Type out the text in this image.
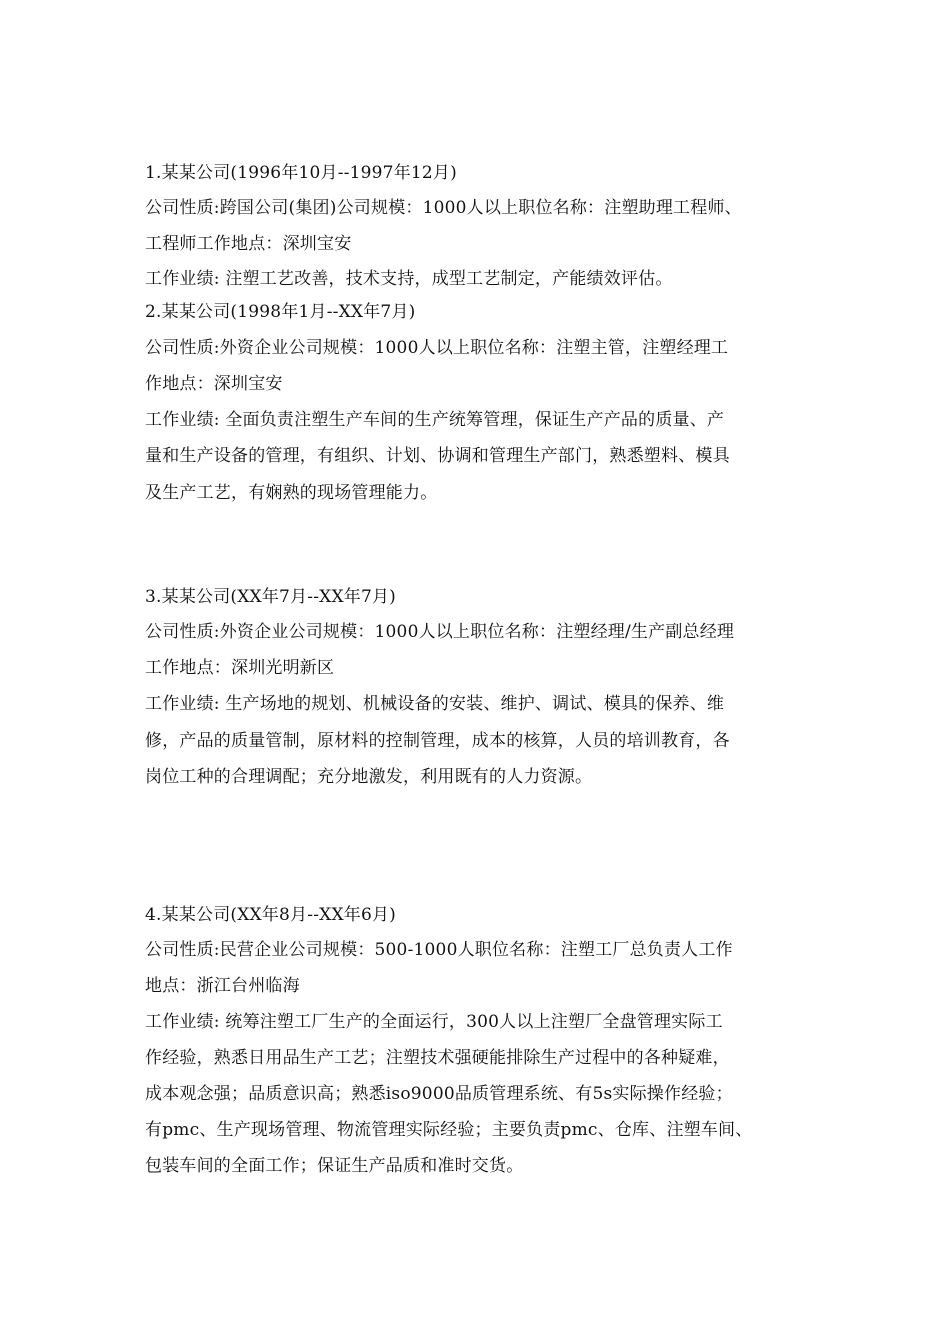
1.某某公司(1996年10月--1997年12月)
公司性质:跨国公司(集团)公司规模：1000人以上职位名称：注塑助理工程师、
工程师工作地点：深圳宝安
工作业绩: 注塑工艺改善，技术支持，成型工艺制定，产能绩效评估。
2.某某公司(1998年1月--XX年7月)
公司性质:外资企业公司规模：1000人以上职位名称：注塑主管，注塑经理工
作地点：深圳宝安
工作业绩: 全面负责注塑生产车间的生产统筹管理，保证生产产品的质量、产
量和生产设备的管理，有组织、计划、协调和管理生产部门，熟悉塑料、模具
及生产工艺，有娴熟的现场管理能力。
3.某某公司(XX年7月--XX年7月)
公司性质:外资企业公司规模：1000人以上职位名称：注塑经理/生产副总经理
工作地点：深圳光明新区
工作业绩: 生产场地的规划、机械设备的安装、维护、调试、模具的保养、维
修，产品的质量管制，原材料的控制管理，成本的核算，人员的培训教育，各
岗位工种的合理调配；充分地激发，利用既有的人力资源。
4.某某公司(XX年8月--XX年6月)
公司性质:民营企业公司规模：500-1000人职位名称：注塑工厂总负责人工作
地点：浙江台州临海
工作业绩: 统筹注塑工厂生产的全面运行，300人以上注塑厂全盘管理实际工
作经验，熟悉日用品生产工艺；注塑技术强硬能排除生产过程中的各种疑难，
成本观念强；品质意识高；熟悉iso9000品质管理系统、有5s实际操作经验；
有pmc、生产现场管理、物流管理实际经验；主要负责pmc、仓库、注塑车间、
包装车间的全面工作；保证生产品质和准时交货。
